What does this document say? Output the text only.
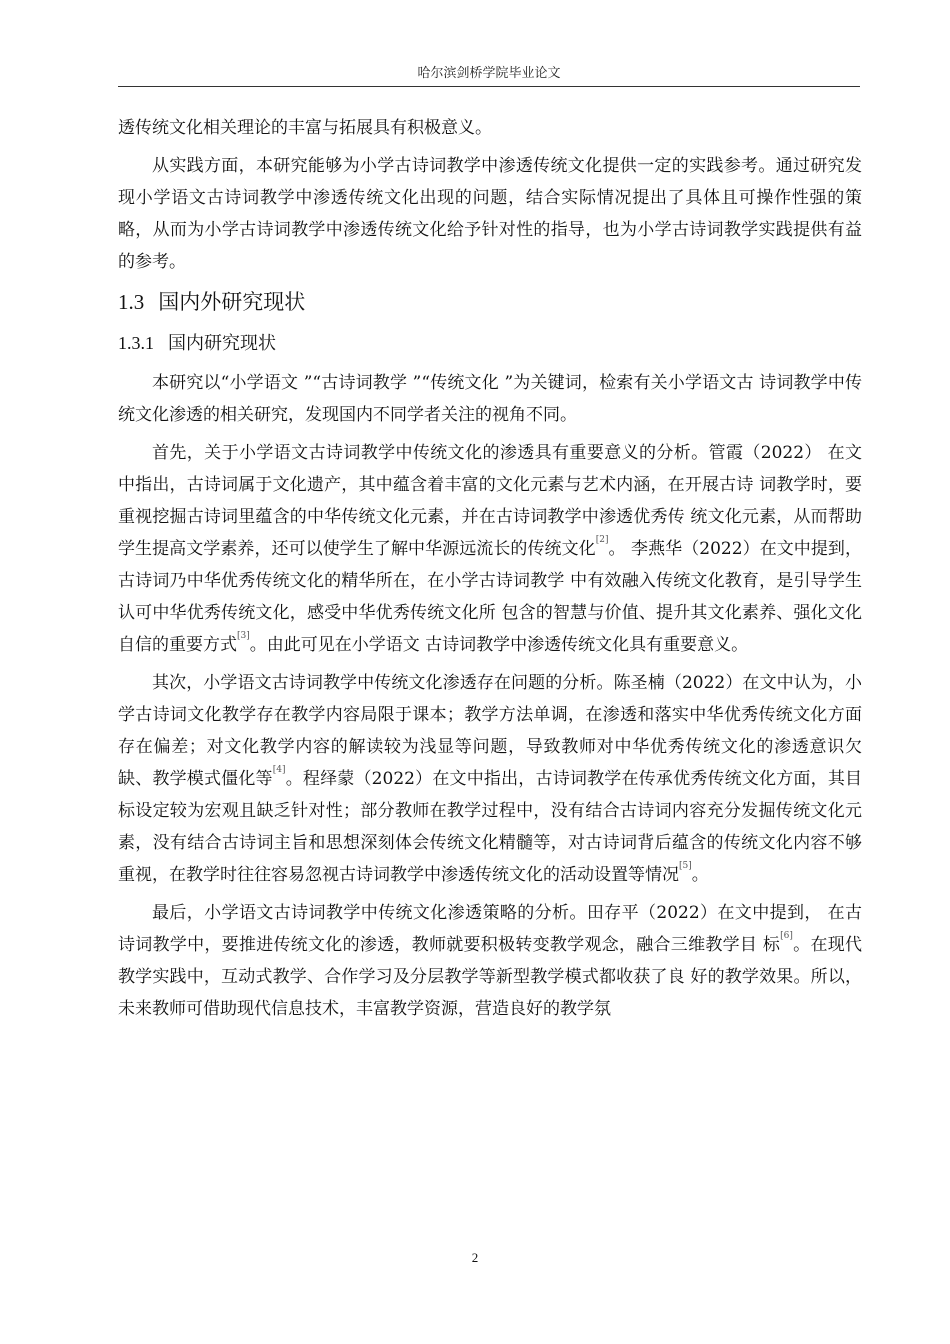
哈尔滨剑桥学院毕业论文

透传统文化相关理论的丰富与拓展具有积极意义。

从实践方面，本研究能够为小学古诗词教学中渗透传统文化提供一定的实践参考。通过研究发现小学语文古诗词教学中渗透传统文化出现的问题，结合实际情况提出了具体且可操作性强的策略，从而为小学古诗词教学中渗透传统文化给予针对性的指导，也为小学古诗词教学实践提供有益的参考。

1.3 国内外研究现状
1.3.1 国内研究现状

本研究以“小学语文 ”“古诗词教学 ”“传统文化 ”为关键词，检索有关小学语文古 诗词教学中传统文化渗透的相关研究，发现国内不同学者关注的视角不同。

首先，关于小学语文古诗词教学中传统文化的渗透具有重要意义的分析。管霞（2022） 在文中指出，古诗词属于文化遗产，其中蕴含着丰富的文化元素与艺术内涵，在开展古诗 词教学时，要重视挖掘古诗词里蕴含的中华传统文化元素，并在古诗词教学中渗透优秀传 统文化元素，从而帮助学生提高文学素养，还可以使学生了解中华源远流长的传统文化[2]。 李燕华（2022）在文中提到，古诗词乃中华优秀传统文化的精华所在，在小学古诗词教学 中有效融入传统文化教育，是引导学生认可中华优秀传统文化，感受中华优秀传统文化所 包含的智慧与价值、提升其文化素养、强化文化自信的重要方式[3]。由此可见在小学语文 古诗词教学中渗透传统文化具有重要意义。

其次，小学语文古诗词教学中传统文化渗透存在问题的分析。陈圣楠（2022）在文中认为，小学古诗词文化教学存在教学内容局限于课本；教学方法单调，在渗透和落实中华优秀传统文化方面存在偏差；对文化教学内容的解读较为浅显等问题，导致教师对中华优秀传统文化的渗透意识欠缺、教学模式僵化等[4]。程绎蒙（2022）在文中指出，古诗词教学在传承优秀传统文化方面，其目标设定较为宏观且缺乏针对性；部分教师在教学过程中，没有结合古诗词内容充分发掘传统文化元素，没有结合古诗词主旨和思想深刻体会传统文化精髓等，对古诗词背后蕴含的传统文化内容不够重视，在教学时往往容易忽视古诗词教学中渗透传统文化的活动设置等情况[5]。

最后，小学语文古诗词教学中传统文化渗透策略的分析。田存平（2022）在文中提到， 在古诗词教学中，要推进传统文化的渗透，教师就要积极转变教学观念，融合三维教学目 标[6]。在现代教学实践中，互动式教学、合作学习及分层教学等新型教学模式都收获了良 好的教学效果。所以，未来教师可借助现代信息技术，丰富教学资源，营造良好的教学氛

2
